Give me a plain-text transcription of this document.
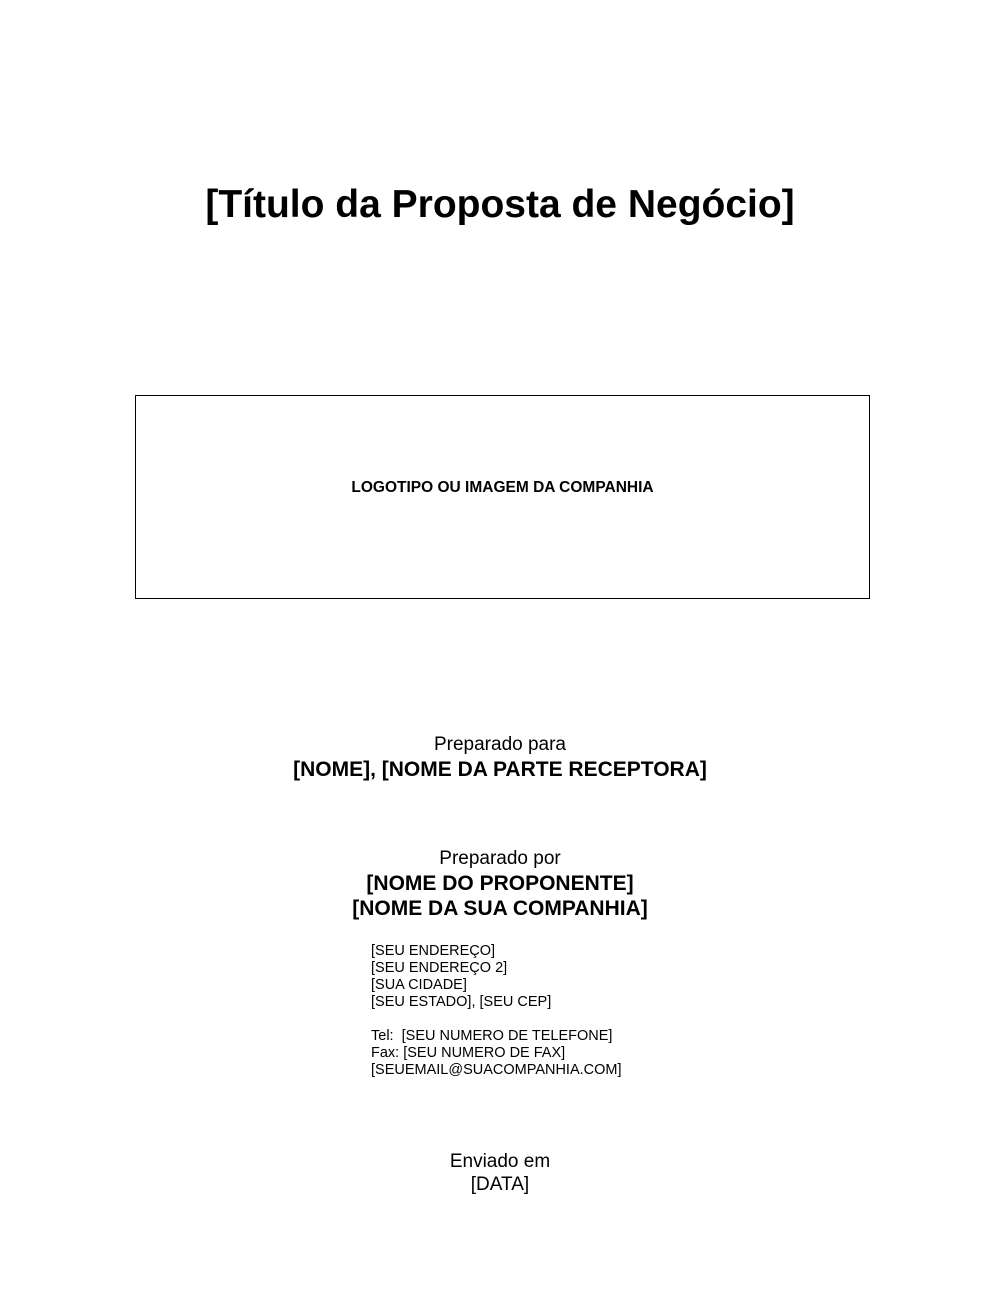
[Título da Proposta de Negócio]
LOGOTIPO OU IMAGEM DA COMPANHIA
Preparado para
[NOME], [NOME DA PARTE RECEPTORA]
Preparado por
[NOME DO PROPONENTE]
[NOME DA SUA COMPANHIA]
[SEU ENDEREÇO]
[SEU ENDEREÇO 2]
[SUA CIDADE]
[SEU ESTADO], [SEU CEP]
Tel:  [SEU NUMERO DE TELEFONE]
Fax: [SEU NUMERO DE FAX]
[SEUEMAIL@SUACOMPANHIA.COM]
Enviado em
[DATA]
